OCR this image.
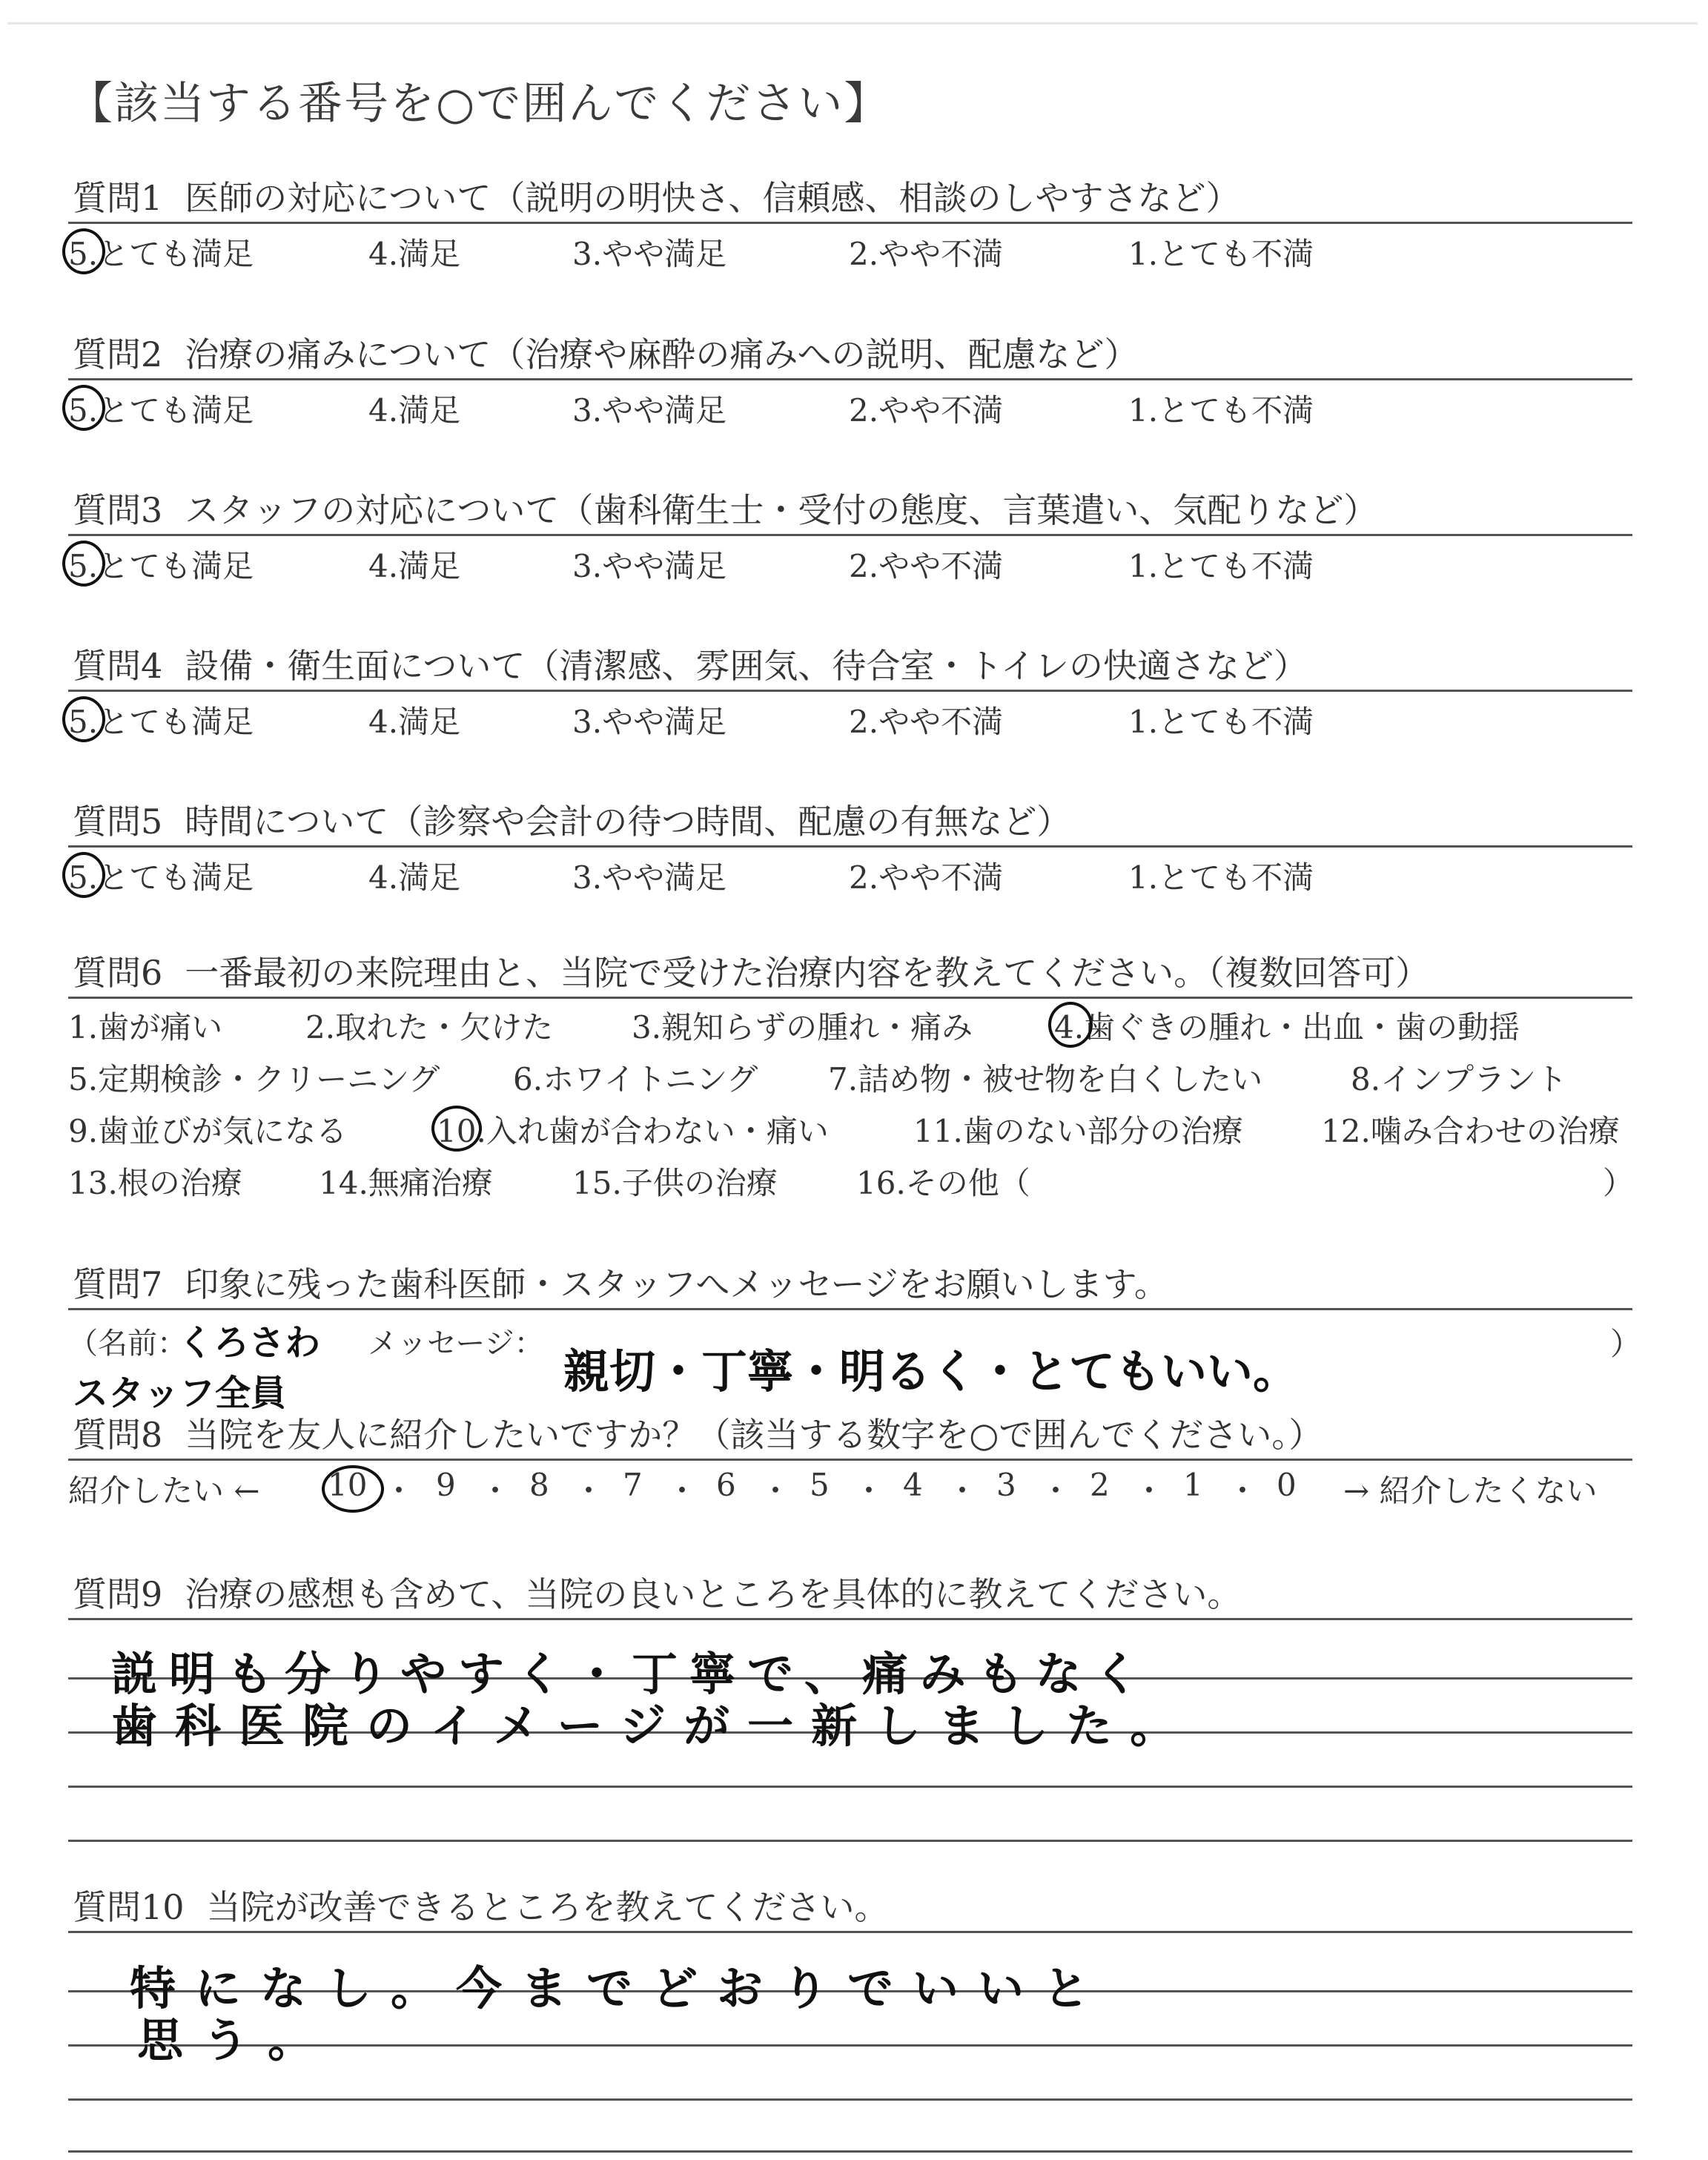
【該当する番号を○で囲んでください】
質問1 医師の対応について（説明の明快さ、信頼感、相談のしやすさなど）
5.とても満足	4.満足	3.やや満足	2.やや不満	1.とても不満
質問2 治療の痛みについて（治療や麻酔の痛みへの説明、配慮など）
5.とても満足	4.満足	3.やや満足	2.やや不満	1.とても不満
質問3 スタッフの対応について（歯科衛生士・受付の態度、言葉遣い、気配りなど）
5.とても満足	4.満足	3.やや満足	2.やや不満	1.とても不満
質問4 設備・衛生面について（清潔感、雰囲気、待合室・トイレの快適さなど）
5.とても満足	4.満足	3.やや満足	2.やや不満	1.とても不満
質問5 時間について（診察や会計の待つ時間、配慮の有無など）
5.とても満足	4.満足	3.やや満足	2.やや不満	1.とても不満
質問6 一番最初の来院理由と、当院で受けた治療内容を教えてください。（複数回答可）
1.歯が痛い	2.取れた・欠けた	3.親知らずの腫れ・痛み	4.歯ぐきの腫れ・出血・歯の動揺
5.定期検診・クリーニング 6.ホワイトニング 7.詰め物・被せ物を白くしたい	8.インプラント
9.歯並びが気になる	10.入れ歯が合わない・痛い	11.歯のない部分の治療	12.噛み合わせの治療
13.根の治療 14.無痛治療	15.子供の治療	16.その他（	）
質問7 印象に残った歯科医師・スタッフへメッセージをお願いします。
（名前：
くろさわ メッセージ：
スタッフ全員	親切・丁寧・明るく・とてもいい。
）
質問8 当院を友人に紹介したいですか？（該当する数字を○で囲んでください。）
紹介したい ← 10 ・ 9 ・ 8 ・ 7 ・ 6 ・ 5 ・ 4 ・ 3 ・ 2 ・ 1 ・ 0 → 紹介したくない
質問9 治療の感想も含めて、当院の良いところを具体的に教えてください。
説明も分りやすく・丁寧で、痛みもなく
歯科医院のイメージが一新しました。
質問10 当院が改善できるところを教えてください。
特になし。今までどおりでいいと
思う。
